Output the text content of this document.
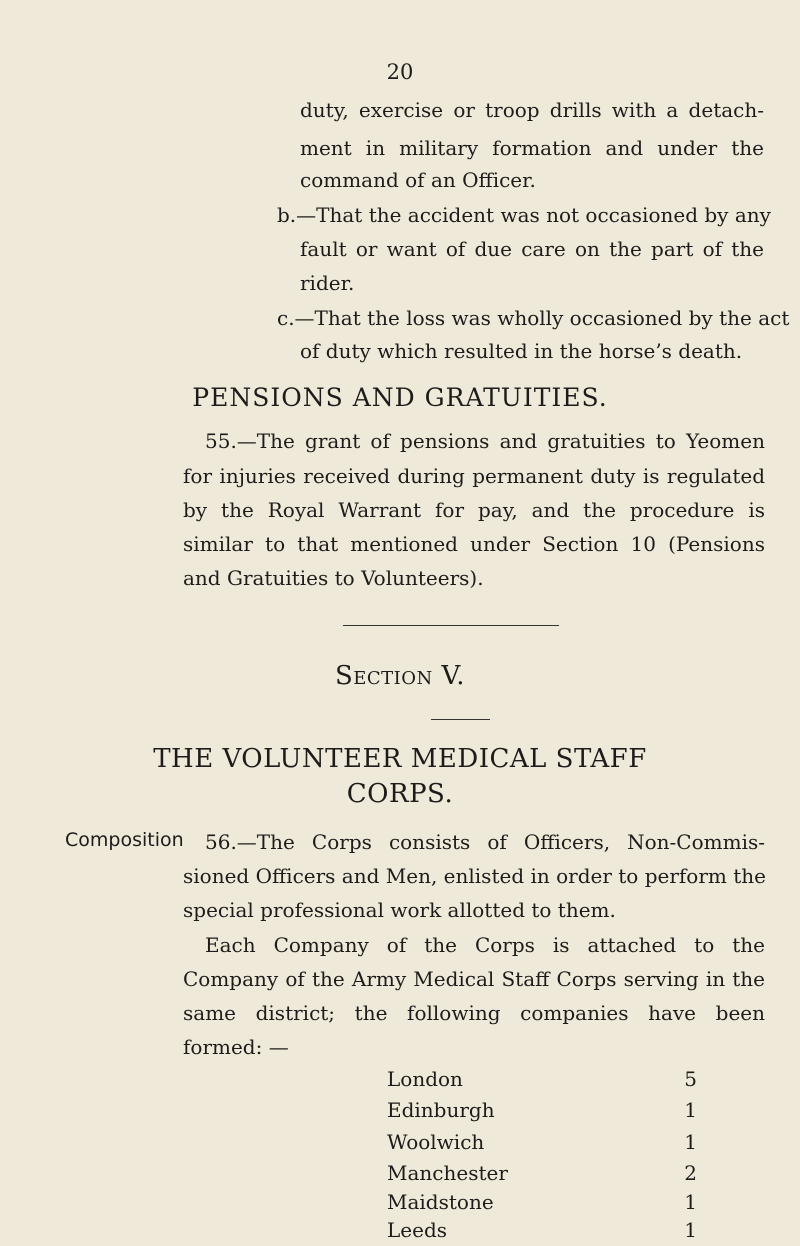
20
duty, exercise or troop drills with a detach-
ment in military formation and under the
command of an Officer.
b.—That the accident was not occasioned by any
fault or want of due care on the part of the
rider.
c.—That the loss was wholly occasioned by the act
of duty which resulted in the horse’s death.
PENSIONS AND GRATUITIES.
55.—The grant of pensions and gratuities to Yeomen
for injuries received during permanent duty is regulated
by the Royal Warrant for pay, and the procedure is
similar to that mentioned under Section 10 (Pensions
and Gratuities to Volunteers).
Section V.
THE VOLUNTEER MEDICAL STAFF
CORPS.
Composition 56.—The Corps consists of Officers, Non-Commis-
sioned Officers and Men, enlisted in order to perform the
special professional work allotted to them.
Each Company of the Corps is attached to the
Company of the Army Medical Staff Corps serving in the
same district; the following companies have been
formed: —
London	5
Edinburgh	1
Woolwich	1
Manchester	2
Maidstone	1
Leeds	1
